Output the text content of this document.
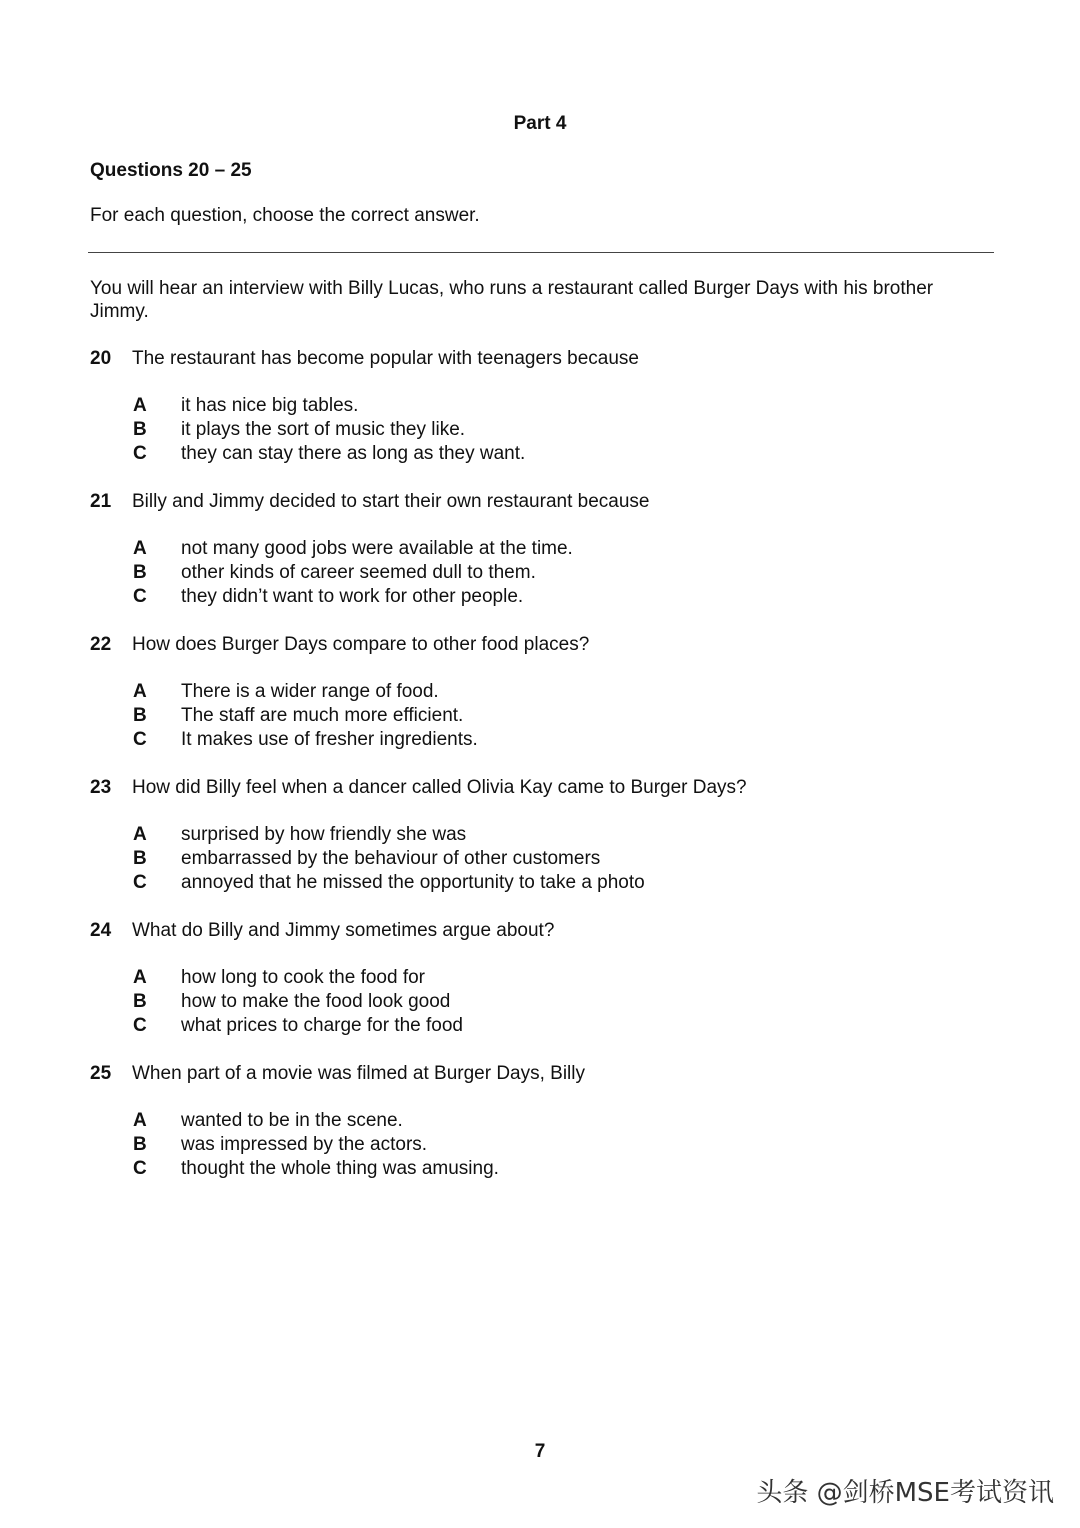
Part 4
Questions 20 – 25
For each question, choose the correct answer.
You will hear an interview with Billy Lucas, who runs a restaurant called Burger Days with his brother Jimmy.
20 The restaurant has become popular with teenagers because
A it has nice big tables.
B it plays the sort of music they like.
C they can stay there as long as they want.
21 Billy and Jimmy decided to start their own restaurant because
A not many good jobs were available at the time.
B other kinds of career seemed dull to them.
C they didn’t want to work for other people.
22 How does Burger Days compare to other food places?
A There is a wider range of food.
B The staff are much more efficient.
C It makes use of fresher ingredients.
23 How did Billy feel when a dancer called Olivia Kay came to Burger Days?
A surprised by how friendly she was
B embarrassed by the behaviour of other customers
C annoyed that he missed the opportunity to take a photo
24 What do Billy and Jimmy sometimes argue about?
A how long to cook the food for
B how to make the food look good
C what prices to charge for the food
25 When part of a movie was filmed at Burger Days, Billy
A wanted to be in the scene.
B was impressed by the actors.
C thought the whole thing was amusing.
7
头条 @剑桥MSE考试资讯
